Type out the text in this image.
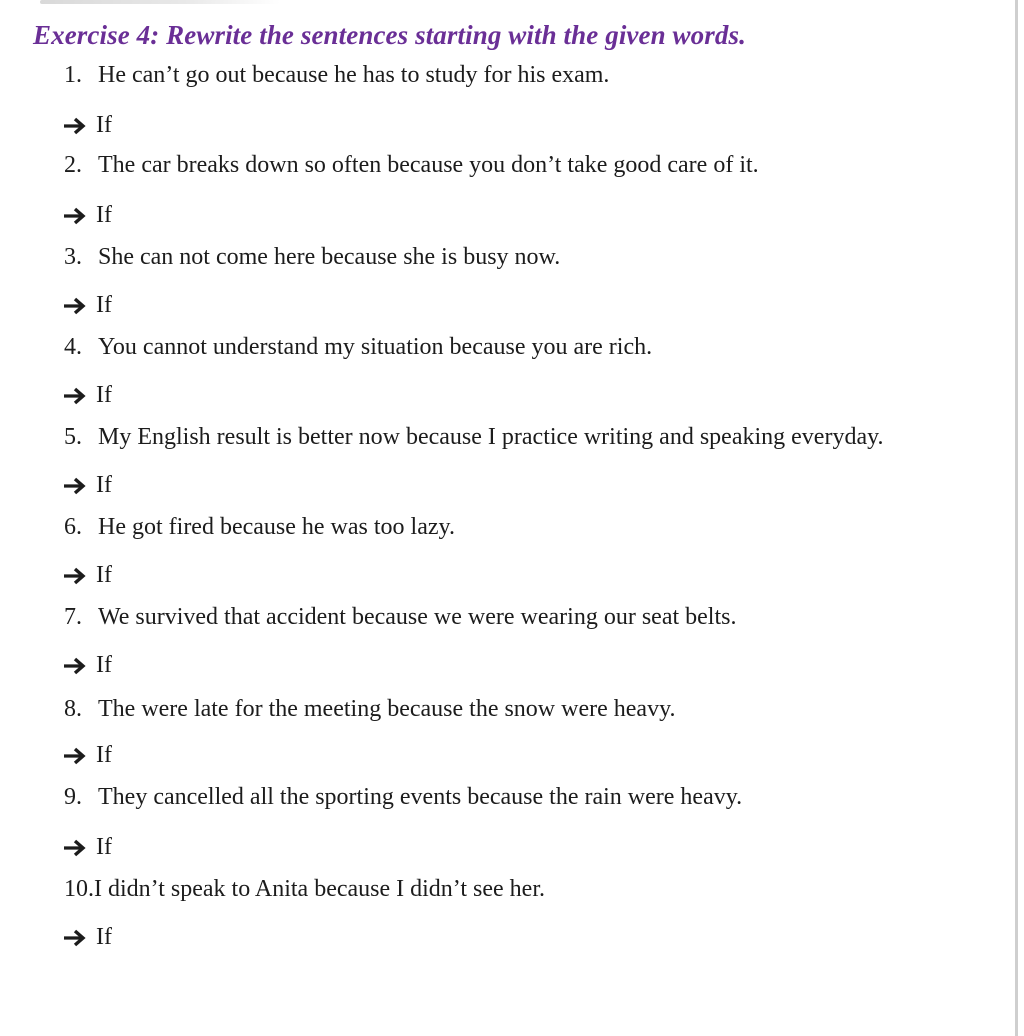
Exercise 4: Rewrite the sentences starting with the given words.
1. He can’t go out because he has to study for his exam.
If
2. The car breaks down so often because you don’t take good care of it.
If
3. She can not come here because she is busy now.
If
4. You cannot understand my situation because you are rich.
If
5. My English result is better now because I practice writing and speaking everyday.
If
6. He got fired because he was too lazy.
If
7. We survived that accident because we were wearing our seat belts.
If
8. The were late for the meeting because the snow were heavy.
If
9. They cancelled all the sporting events because the rain were heavy.
If
10.I didn’t speak to Anita because I didn’t see her.
If
